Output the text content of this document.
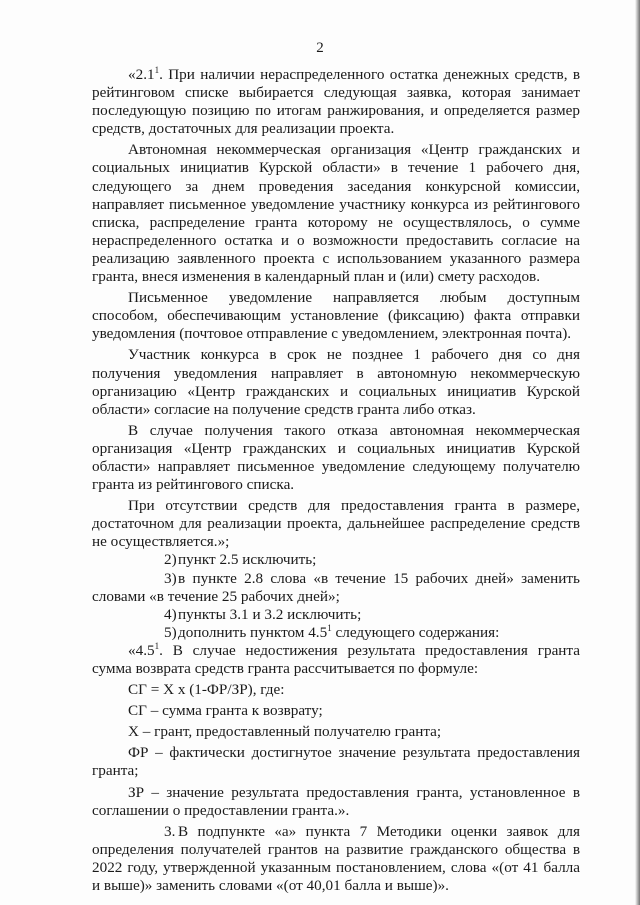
2

«$2.1^1$. При наличии нераспределенного остатка денежных средств, в рейтинговом списке выбирается следующая заявка, которая занимает последующую позицию по итогам ранжирования, и определяется размер средств, достаточных для реализации проекта.

Автономная некоммерческая организация «Центр гражданских и социальных инициатив Курской области» в течение 1 рабочего дня, следующего за днем проведения заседания конкурсной комиссии, направляет письменное уведомление участнику конкурса из рейтингового списка, распределение гранта которому не осуществлялось, о сумме нераспределенного остатка и о возможности предоставить согласие на реализацию заявленного проекта с использованием указанного размера гранта, внеся изменения в календарный план и (или) смету расходов.

Письменное уведомление направляется любым доступным способом, обеспечивающим установление (фиксацию) факта отправки уведомления (почтовое отправление с уведомлением, электронная почта).

Участник конкурса в срок не позднее 1 рабочего дня со дня получения уведомления направляет в автономную некоммерческую организацию «Центр гражданских и социальных инициатив Курской области» согласие на получение средств гранта либо отказ.

В случае получения такого отказа автономная некоммерческая организация «Центр гражданских и социальных инициатив Курской области» направляет письменное уведомление следующему получателю гранта из рейтингового списка.

При отсутствии средств для предоставления гранта в размере, достаточном для реализации проекта, дальнейшее распределение средств не осуществляется.»;

2)пункт 2.5 исключить;

3)в пункте 2.8 слова «в течение 15 рабочих дней» заменить словами «в течение 25 рабочих дней»;

4)пункты 3.1 и 3.2 исключить;

5)дополнить пунктом $4.5^1$ следующего содержания:

«$4.5^1$. В случае недостижения результата предоставления гранта сумма возврата средств гранта рассчитывается по формуле:

СГ = Х х (1-ФР/ЗР), где:

СГ – сумма гранта к возврату;

Х – грант, предоставленный получателю гранта;

ФР – фактически достигнутое значение результата предоставления гранта;

ЗР – значение результата предоставления гранта, установленное в соглашении о предоставлении гранта.».

3. В подпункте «а» пункта 7 Методики оценки заявок для определения получателей грантов на развитие гражданского общества в 2022 году, утвержденной указанным постановлением, слова «(от 41 балла и выше)» заменить словами «(от 40,01 балла и выше)».
